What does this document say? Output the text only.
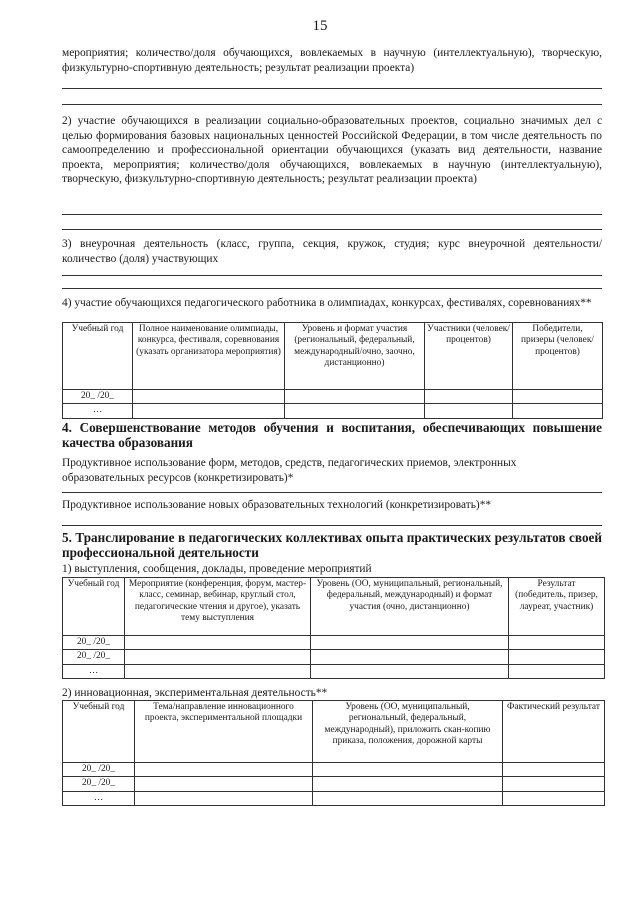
15
мероприятия; количество/доля обучающихся, вовлекаемых в научную (интеллектуальную), творческую, физкультурно-спортивную деятельность; результат реализации проекта)
2) участие обучающихся в реализации социально-образовательных проектов, социально значимых дел с целью формирования базовых национальных ценностей Российской Федерации, в том числе деятельность по самоопределению и профессиональной ориентации обучающихся (указать вид деятельности, название проекта, мероприятия; количество/доля обучающихся, вовлекаемых в научную (интеллектуальную), творческую, физкультурно-спортивную деятельность; результат реализации проекта)
3) внеурочная деятельность (класс, группа, секция, кружок, студия; курс внеурочной деятельности/ количество (доля) участвующих
4) участие обучающихся педагогического работника в олимпиадах, конкурсах, фестивалях, соревнованиях**
Учебный год	Полное наименование олимпиады, конкурса, фестиваля, соревнования (указать организатора мероприятия)	Уровень и формат участия (региональный, федеральный, международный/очно, заочно, дистанционно)	Участники (человек/ процентов)	Победители, призеры (человек/ процентов)
20_ /20_				
…				
4. Совершенствование методов обучения и воспитания, обеспечивающих повышение качества образования
Продуктивное использование форм, методов, средств, педагогических приемов, электронных образовательных ресурсов (конкретизировать)*
Продуктивное использование новых образовательных технологий (конкретизировать)**
5. Транслирование в педагогических коллективах опыта практических результатов своей профессиональной деятельности
1) выступления, сообщения, доклады, проведение мероприятий
Учебный год	Мероприятие (конференция, форум, мастер-класс, семинар, вебинар, круглый стол, педагогические чтения и другое), указать тему выступления	Уровень (ОО, муниципальный, региональный, федеральный, международный) и формат участия (очно, дистанционно)	Результат (победитель, призер, лауреат, участник)
20_ /20_			
20_ /20_			
…			
2) инновационная, экспериментальная деятельность**
Учебный год	Тема/направление инновационного проекта, экспериментальной площадки	Уровень (ОО, муниципальный, региональный, федеральный, международный), приложить скан-копию приказа, положения, дорожной карты	Фактический результат
20_ /20_			
20_ /20_			
…			
